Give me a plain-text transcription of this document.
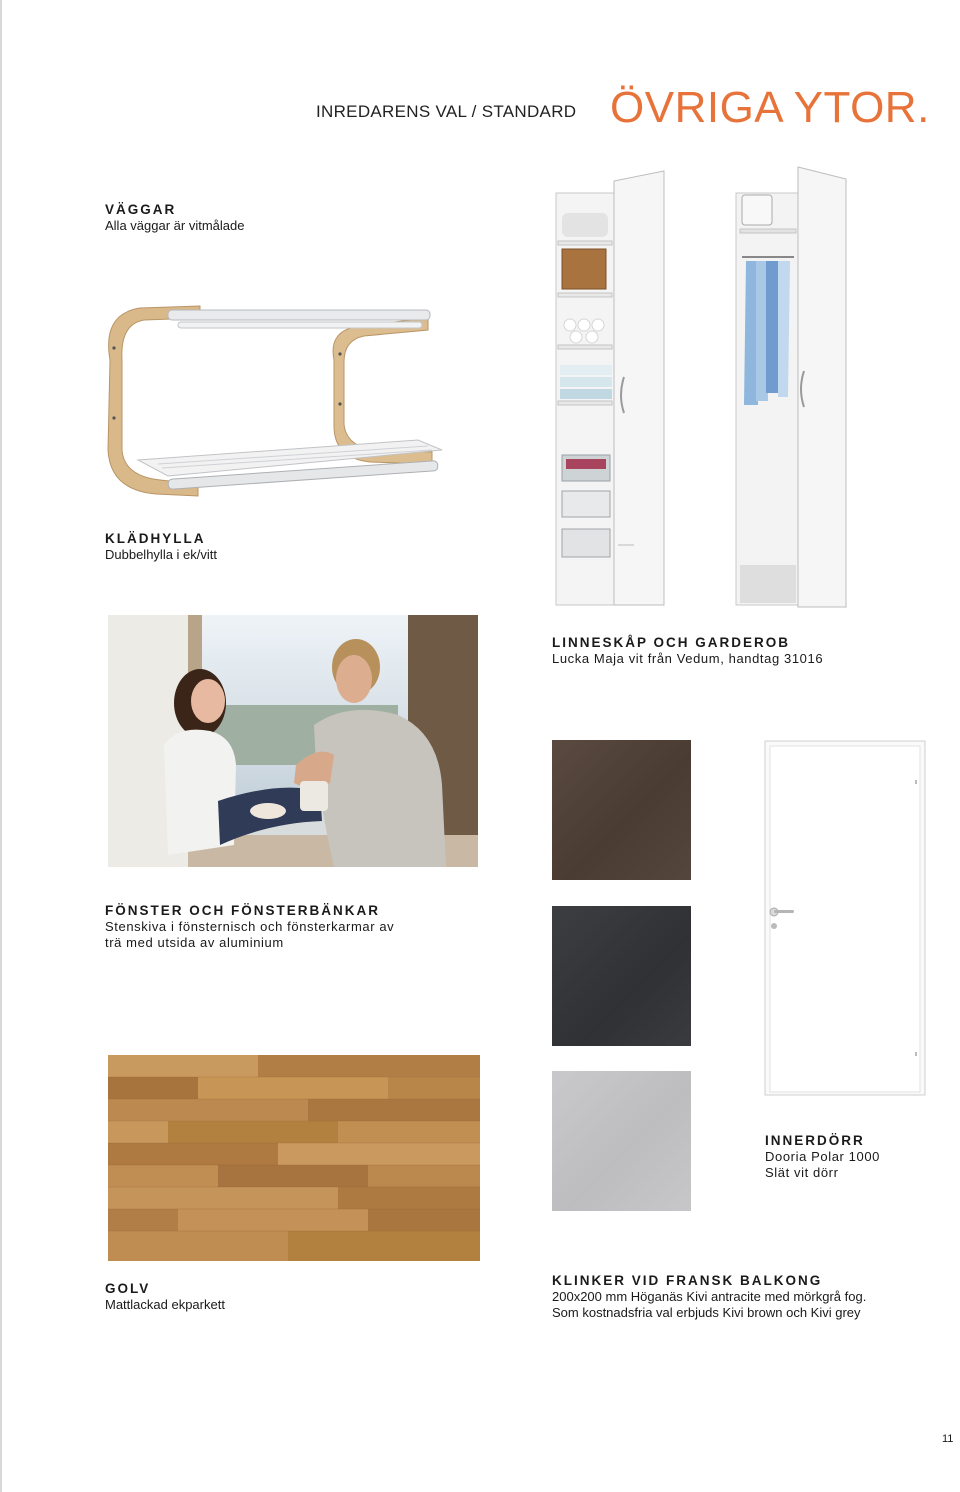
INREDARENS VAL / STANDARD ÖVRIGA YTOR.

VÄGGAR

Alla väggar är vitmålade

KLÄDHYLLA

Dubbelhylla i ek/vitt

LINNESKÅP OCH GARDEROB

Lucka Maja vit från Vedum, handtag 31016

FÖNSTER OCH FÖNSTERBÄNKAR

Stenskiva i fönsternisch och fönsterkarmar av

trä med utsida av aluminium

INNERDÖRR

Dooria Polar 1000

Slät vit dörr

GOLV

Mattlackad ekparkett

KLINKER VID FRANSK BALKONG

200x200 mm Höganäs Kivi antracite med mörkgrå fog.

Som kostnadsfria val erbjuds Kivi brown och Kivi grey

11
